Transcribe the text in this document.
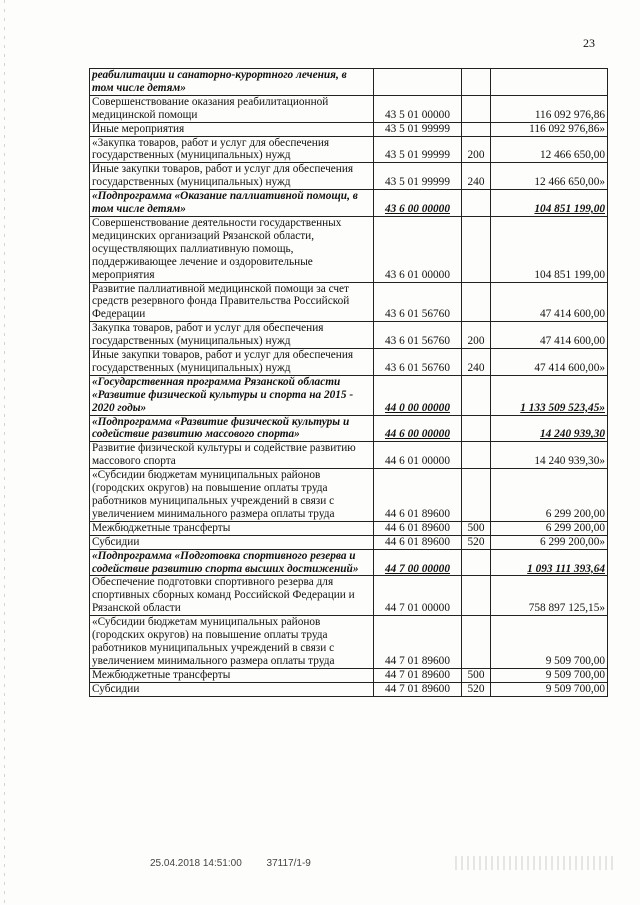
23
реабилитации и санаторно-курортного лечения, в том числе детям»			
Совершенствование оказания реабилитационной медицинской помощи	43 5 01 00000		116 092 976,86
Иные мероприятия	43 5 01 99999		116 092 976,86»
«Закупка товаров, работ и услуг для обеспечения государственных (муниципальных) нужд	43 5 01 99999	200	12 466 650,00
Иные закупки товаров, работ и услуг для обеспечения государственных (муниципальных) нужд	43 5 01 99999	240	12 466 650,00»
«Подпрограмма «Оказание паллиативной помощи, в том числе детям»	43 6 00 00000		104 851 199,00
Совершенствование деятельности государственных медицинских организаций Рязанской области, осуществляющих паллиативную помощь, поддерживающее лечение и оздоровительные мероприятия	43 6 01 00000		104 851 199,00
Развитие паллиативной медицинской помощи за счет средств резервного фонда Правительства Российской Федерации	43 6 01 56760		47 414 600,00
Закупка товаров, работ и услуг для обеспечения государственных (муниципальных) нужд	43 6 01 56760	200	47 414 600,00
Иные закупки товаров, работ и услуг для обеспечения государственных (муниципальных) нужд	43 6 01 56760	240	47 414 600,00»
«Государственная программа Рязанской области «Развитие физической культуры и спорта на 2015 - 2020 годы»	44 0 00 00000		1 133 509 523,45»
«Подпрограмма «Развитие физической культуры и содействие развитию массового спорта»	44 6 00 00000		14 240 939,30
Развитие физической культуры и содействие развитию массового спорта	44 6 01 00000		14 240 939,30»
«Субсидии бюджетам муниципальных районов (городских округов) на повышение оплаты труда работников муниципальных учреждений в связи с увеличением минимального размера оплаты труда	44 6 01 89600		6 299 200,00
Межбюджетные трансферты	44 6 01 89600	500	6 299 200,00
Субсидии	44 6 01 89600	520	6 299 200,00»
«Подпрограмма «Подготовка спортивного резерва и содействие развитию спорта высших достижений»	44 7 00 00000		1 093 111 393,64
Обеспечение подготовки спортивного резерва для спортивных сборных команд Российской Федерации и Рязанской области	44 7 01 00000		758 897 125,15»
«Субсидии бюджетам муниципальных районов (городских округов) на повышение оплаты труда работников муниципальных учреждений в связи с увеличением минимального размера оплаты труда	44 7 01 89600		9 509 700,00
Межбюджетные трансферты	44 7 01 89600	500	9 509 700,00
Субсидии	44 7 01 89600	520	9 509 700,00
25.04.2018 14:51:00 37117/1-9
